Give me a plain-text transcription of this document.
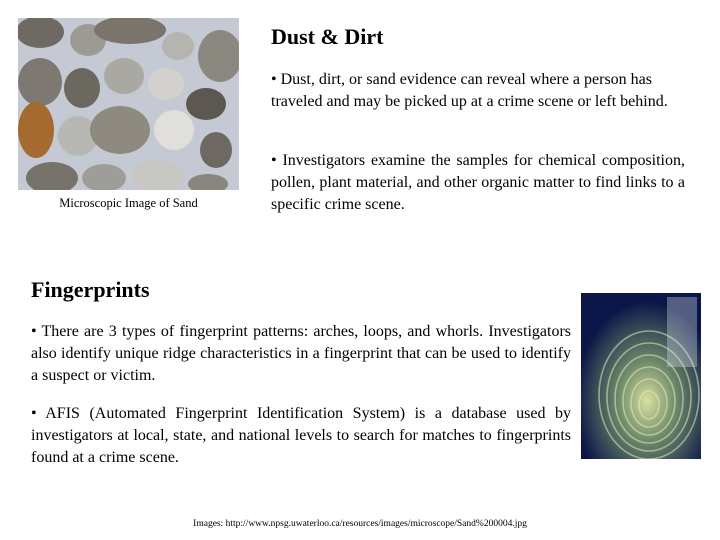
Microscopic Image of Sand
Dust & Dirt
• Dust, dirt, or sand evidence can reveal where a person has traveled and may be picked up at a crime scene or left behind.
• Investigators examine the samples for chemical composition, pollen, plant material, and other organic matter to find links to a specific crime scene.
Fingerprints
• There are 3 types of fingerprint patterns: arches, loops, and whorls. Investigators also identify unique ridge characteristics in a fingerprint that can be used to identify a suspect or victim.
• AFIS (Automated Fingerprint Identification System) is a database used by investigators at local, state, and national levels to search for matches to fingerprints found at a crime scene.
Images: http://www.npsg.uwaterloo.ca/resources/images/microscope/Sand%200004.jpg
